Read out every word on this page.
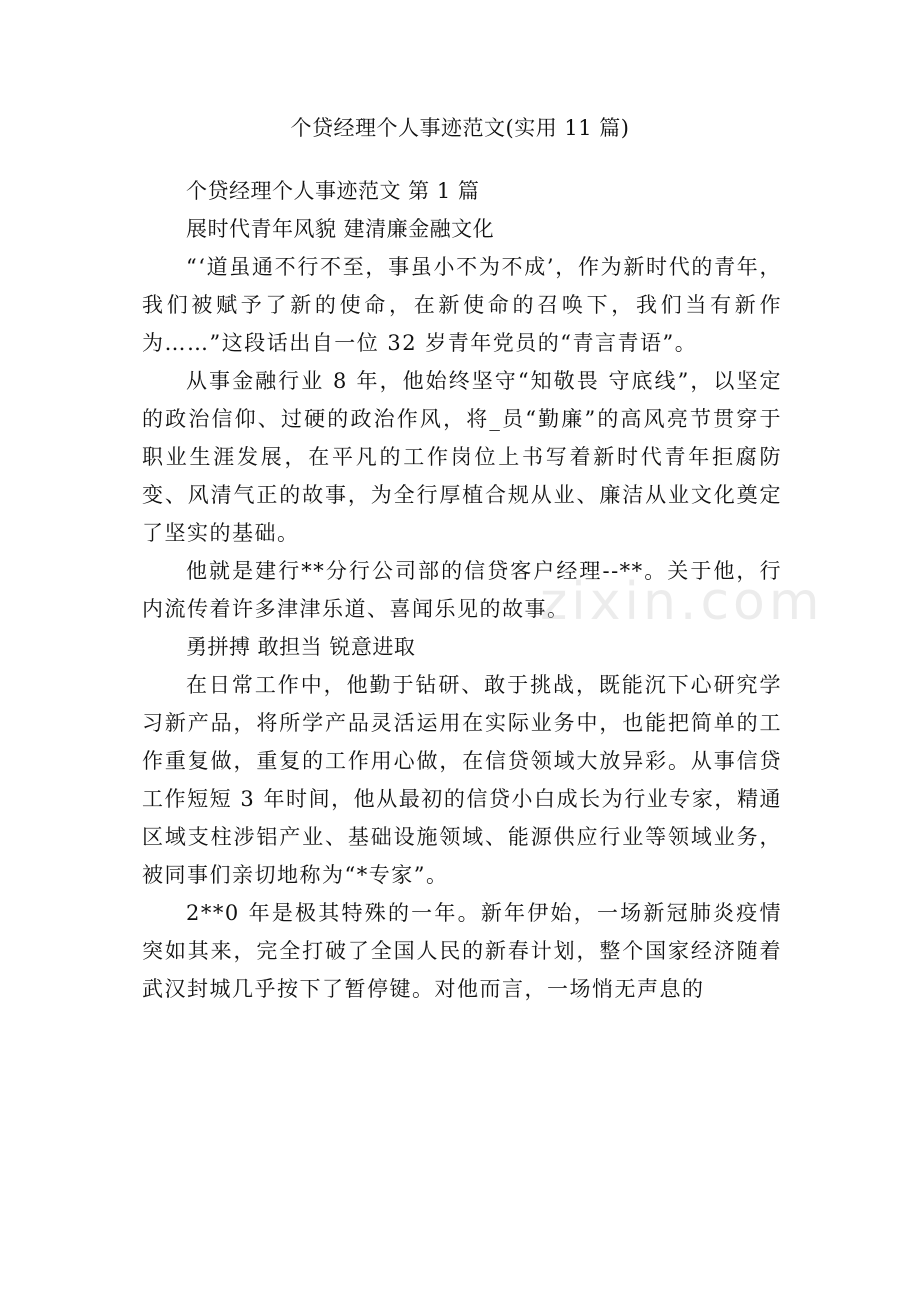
个贷经理个人事迹范文(实用 11 篇)

个贷经理个人事迹范文 第 1 篇

展时代青年风貌 建清廉金融文化

“‘道虽通不行不至，事虽小不为不成’，作为新时代的青年，我们被赋予了新的使命，在新使命的召唤下，我们当有新作为……”这段话出自一位 32 岁青年党员的“青言青语”。

从事金融行业 8 年，他始终坚守“知敬畏 守底线”，以坚定的政治信仰、过硬的政治作风，将_员“勤廉”的高风亮节贯穿于职业生涯发展，在平凡的工作岗位上书写着新时代青年拒腐防变、风清气正的故事，为全行厚植合规从业、廉洁从业文化奠定了坚实的基础。

他就是建行**分行公司部的信贷客户经理--**。关于他，行内流传着许多津津乐道、喜闻乐见的故事。

勇拼搏 敢担当 锐意进取

在日常工作中，他勤于钻研、敢于挑战，既能沉下心研究学习新产品，将所学产品灵活运用在实际业务中，也能把简单的工作重复做，重复的工作用心做，在信贷领域大放异彩。从事信贷工作短短 3 年时间，他从最初的信贷小白成长为行业专家，精通区域支柱涉铝产业、基础设施领域、能源供应行业等领域业务，被同事们亲切地称为“*专家”。

2**0 年是极其特殊的一年。新年伊始，一场新冠肺炎疫情突如其来，完全打破了全国人民的新春计划，整个国家经济随着武汉封城几乎按下了暂停键。对他而言，一场悄无声息的

zixin.com
